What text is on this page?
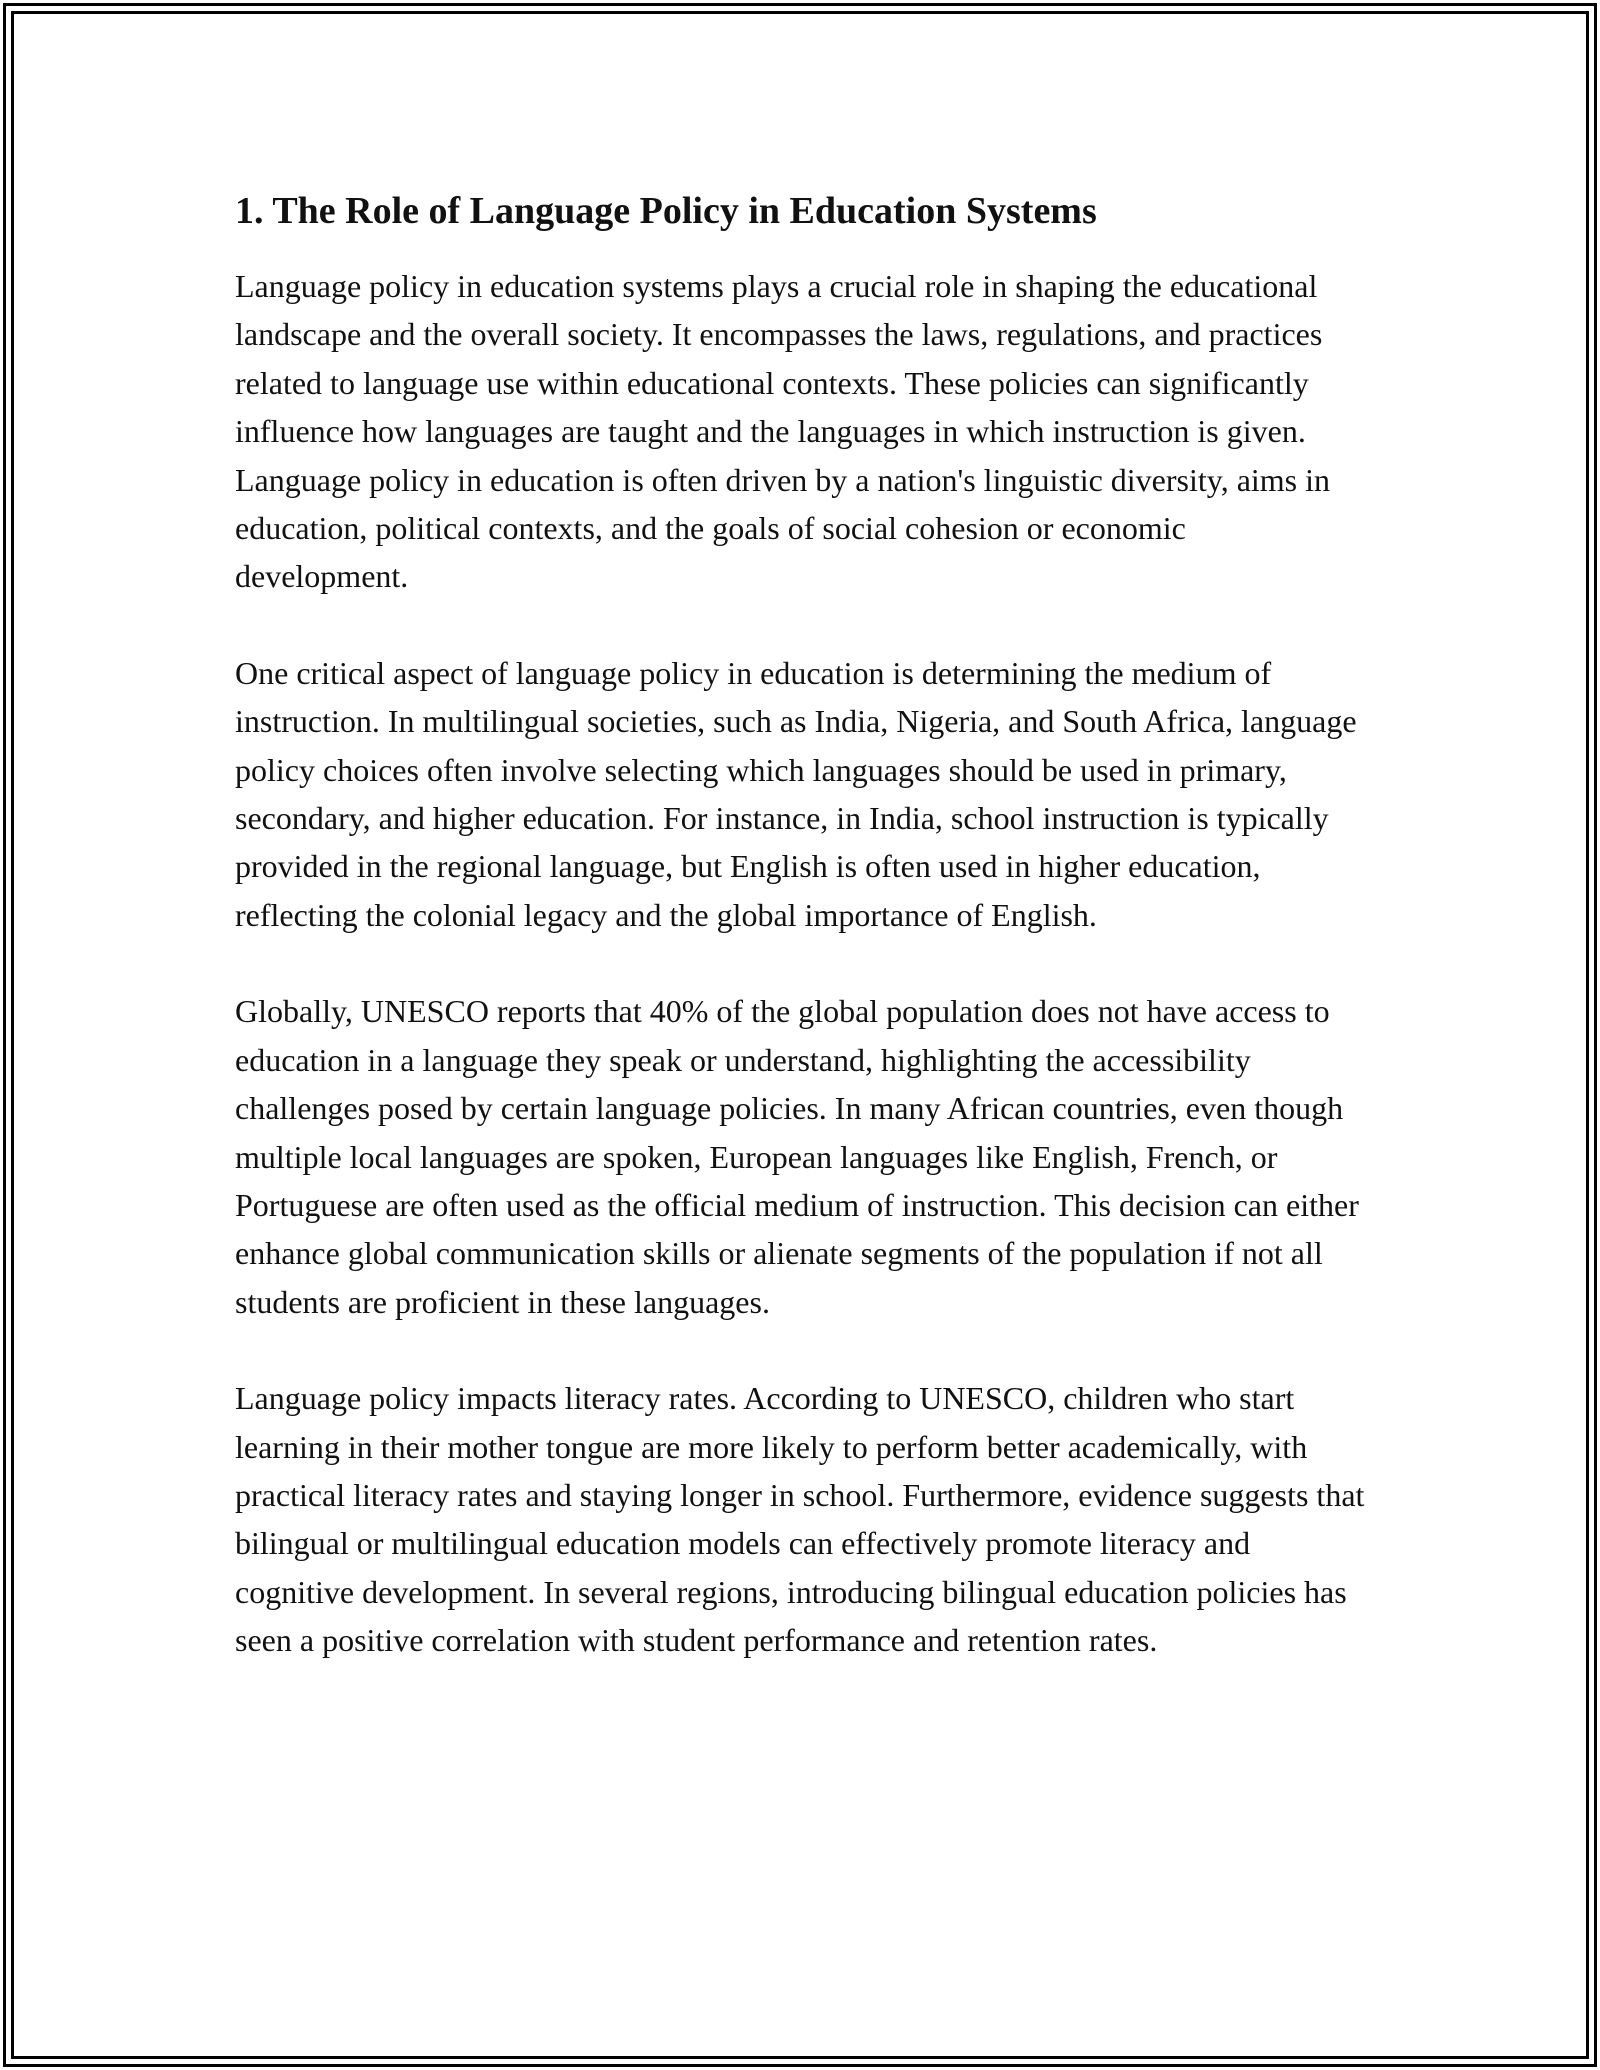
1. The Role of Language Policy in Education Systems

Language policy in education systems plays a crucial role in shaping the educational landscape and the overall society. It encompasses the laws, regulations, and practices related to language use within educational contexts. These policies can significantly influence how languages are taught and the languages in which instruction is given. Language policy in education is often driven by a nation's linguistic diversity, aims in education, political contexts, and the goals of social cohesion or economic development.

One critical aspect of language policy in education is determining the medium of instruction. In multilingual societies, such as India, Nigeria, and South Africa, language policy choices often involve selecting which languages should be used in primary, secondary, and higher education. For instance, in India, school instruction is typically provided in the regional language, but English is often used in higher education, reflecting the colonial legacy and the global importance of English.

Globally, UNESCO reports that 40% of the global population does not have access to education in a language they speak or understand, highlighting the accessibility challenges posed by certain language policies. In many African countries, even though multiple local languages are spoken, European languages like English, French, or Portuguese are often used as the official medium of instruction. This decision can either enhance global communication skills or alienate segments of the population if not all students are proficient in these languages.

Language policy impacts literacy rates. According to UNESCO, children who start learning in their mother tongue are more likely to perform better academically, with practical literacy rates and staying longer in school. Furthermore, evidence suggests that bilingual or multilingual education models can effectively promote literacy and cognitive development. In several regions, introducing bilingual education policies has seen a positive correlation with student performance and retention rates.
